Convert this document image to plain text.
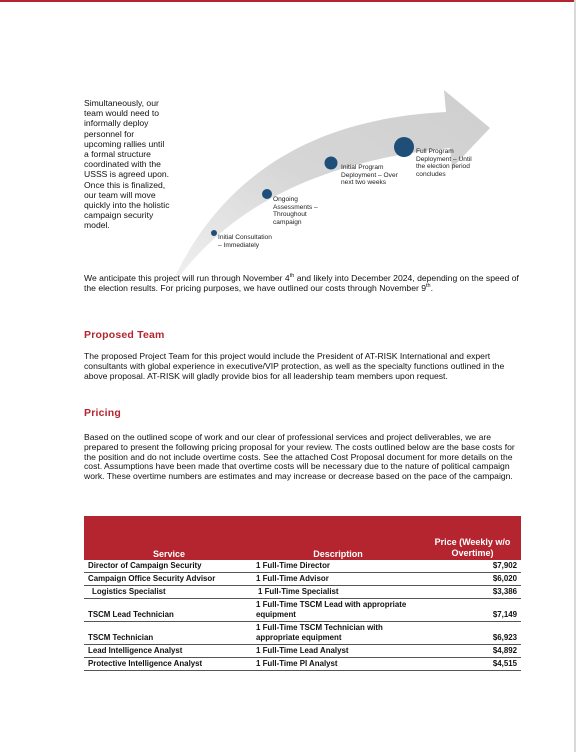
Simultaneously, our team would need to informally deploy personnel for upcoming rallies until a formal structure coordinated with the USSS is agreed upon. Once this is finalized, our team will move quickly into the holistic campaign security model.
Initial Consultation – Immediately
Ongoing Assessments – Throughout campaign
Initial Program Deployment – Over next two weeks
Full Program Deployment – Until the election period concludes
We anticipate this project will run through November 4th and likely into December 2024, depending on the speed of the election results. For pricing purposes, we have outlined our costs through November 9th.
Proposed Team
The proposed Project Team for this project would include the President of AT-RISK International and expert consultants with global experience in executive/VIP protection, as well as the specialty functions outlined in the above proposal. AT-RISK will gladly provide bios for all leadership team members upon request.
Pricing
Based on the outlined scope of work and our clear of professional services and project deliverables, we are prepared to present the following pricing proposal for your review. The costs outlined below are the base costs for the position and do not include overtime costs. See the attached Cost Proposal document for more details on the cost. Assumptions have been made that overtime costs will be necessary due to the nature of political campaign work. These overtime numbers are estimates and may increase or decrease based on the pace of the campaign.
Service	Description	Price (Weekly w/o Overtime)
Director of Campaign Security	1 Full-Time Director	$7,902
Campaign Office Security Advisor	1 Full-Time Advisor	$6,020
Logistics Specialist	1 Full-Time Specialist	$3,386
TSCM Lead Technician	1 Full-Time TSCM Lead with appropriate equipment	$7,149
TSCM Technician	1 Full-Time TSCM Technician with appropriate equipment	$6,923
Lead Intelligence Analyst	1 Full-Time Lead Analyst	$4,892
Protective Intelligence Analyst	1 Full-Time PI Analyst	$4,515
